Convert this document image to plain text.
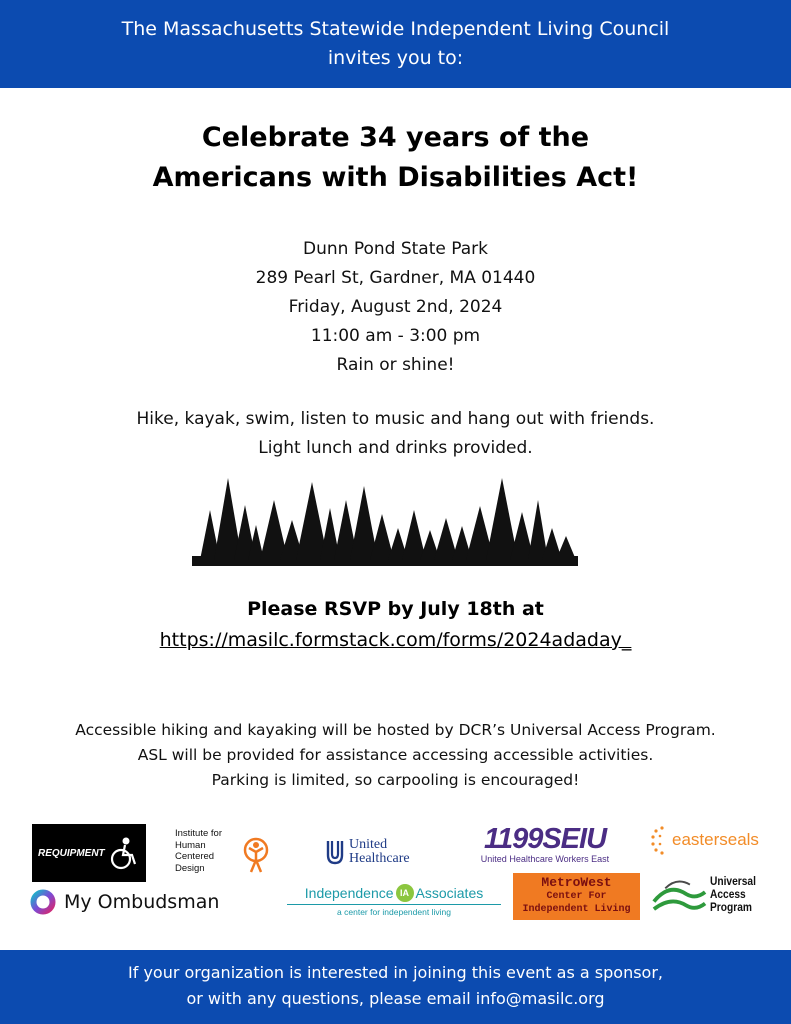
The Massachusetts Statewide Independent Living Council
invites you to:
Celebrate 34 years of the
Americans with Disabilities Act!
Dunn Pond State Park
289 Pearl St, Gardner, MA 01440
Friday, August 2nd, 2024
11:00 am - 3:00 pm
Rain or shine!
Hike, kayak, swim, listen to music and hang out with friends.
Light lunch and drinks provided.
Please RSVP by July 18th at
https://masilc.formstack.com/forms/2024adaday_
Accessible hiking and kayaking will be hosted by DCR’s Universal Access Program.
ASL will be provided for assistance accessing accessible activities.
Parking is limited, so carpooling is encouraged!
REQUIPMENT
Institute for
Human
Centered
Design
United
Healthcare
1199SEIU
United Healthcare Workers East
easterseals
My Ombudsman	Independence IA Associates
a center for independent living
MetroWest
Center For
Independent Living
Universal
Access
Program
If your organization is interested in joining this event as a sponsor,
or with any questions, please email info@masilc.org
